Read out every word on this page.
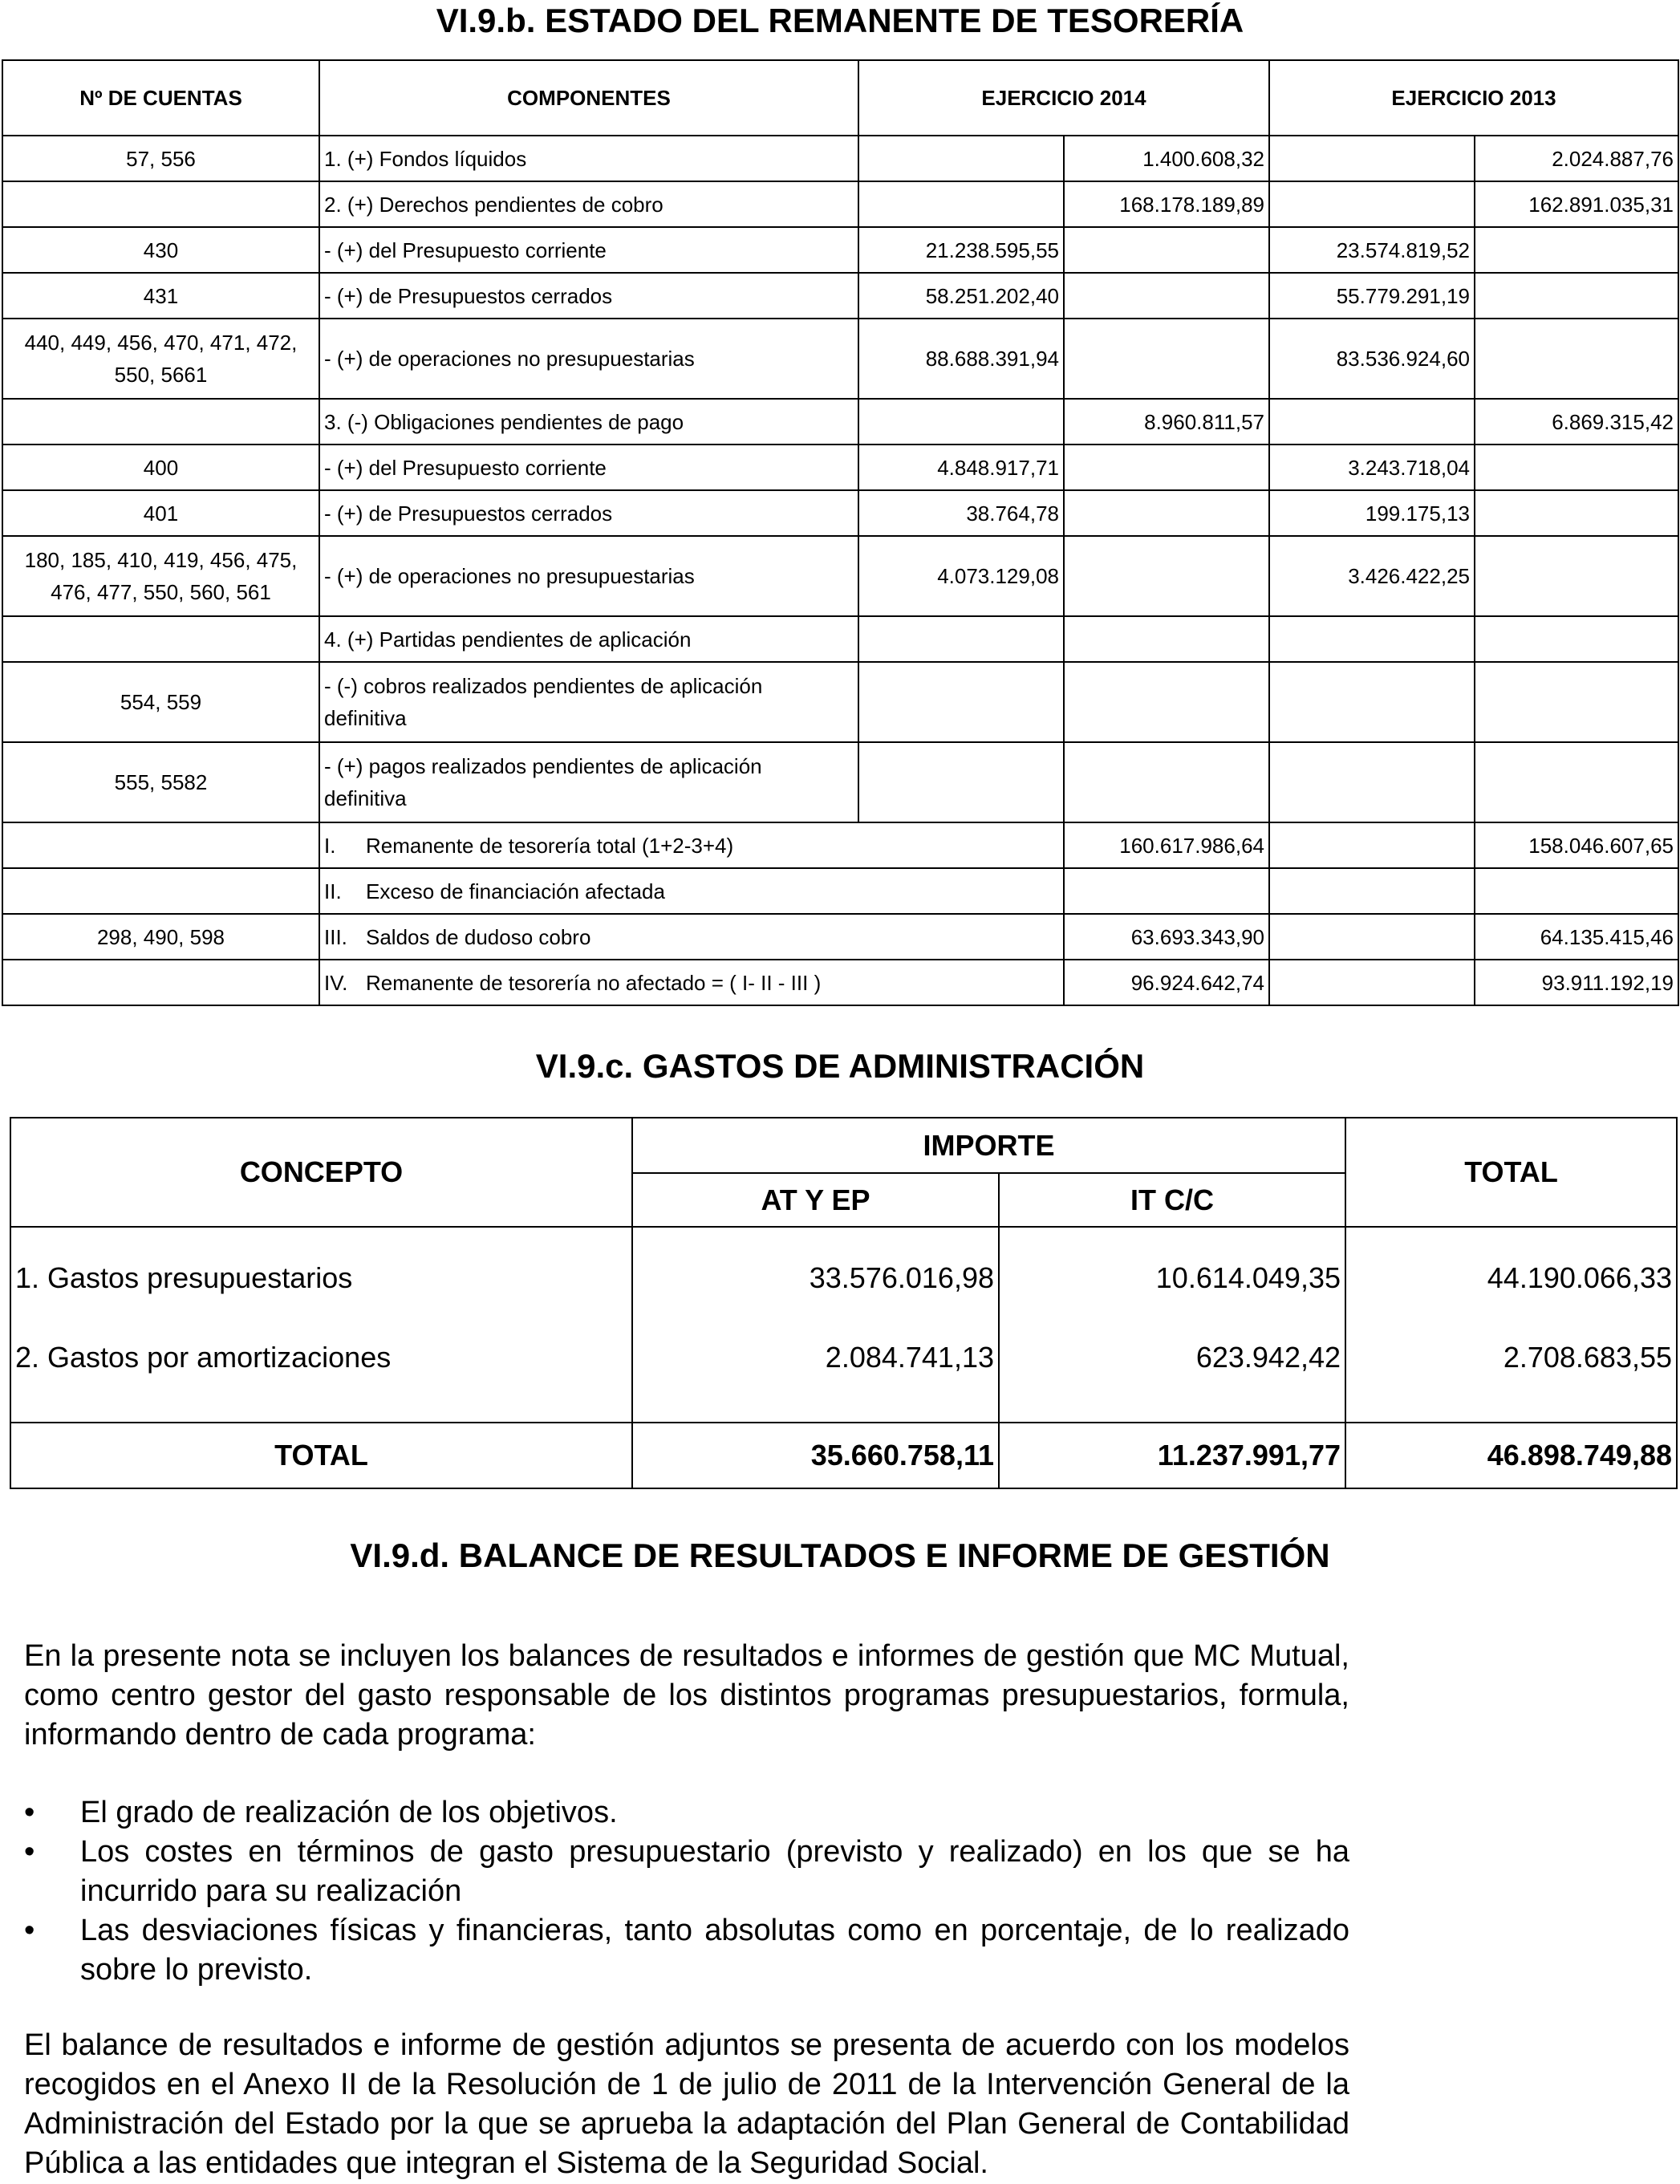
VI.9.b. ESTADO DEL REMANENTE DE TESORERÍA
Nº DE CUENTAS	COMPONENTES	EJERCICIO 2014		EJERCICIO 2013	
57, 556	1. (+) Fondos líquidos		1.400.608,32		2.024.887,76
	2. (+) Derechos pendientes de cobro		168.178.189,89		162.891.035,31
430	- (+) del Presupuesto corriente	21.238.595,55		23.574.819,52	
431	- (+) de Presupuestos cerrados	58.251.202,40		55.779.291,19	
440, 449, 456, 470, 471, 472,
550, 5661	- (+) de operaciones no presupuestarias	88.688.391,94		83.536.924,60	
	3. (-) Obligaciones pendientes de pago		8.960.811,57		6.869.315,42
400	- (+) del Presupuesto corriente	4.848.917,71		3.243.718,04	
401	- (+) de Presupuestos cerrados	38.764,78		199.175,13	
180, 185, 410, 419, 456, 475,
476, 477, 550, 560, 561	- (+) de operaciones no presupuestarias	4.073.129,08		3.426.422,25	
	4. (+) Partidas pendientes de aplicación				
554, 559	- (-) cobros realizados pendientes de aplicación
definitiva				
555, 5582	- (+) pagos realizados pendientes de aplicación
definitiva				
	I. Remanente de tesorería total (1+2-3+4)		160.617.986,64		158.046.607,65
	II. Exceso de financiación afectada				
298, 490, 598	III. Saldos de dudoso cobro		63.693.343,90		64.135.415,46
	IV. Remanente de tesorería no afectado = ( I- II - III )		96.924.642,74		93.911.192,19
VI.9.c. GASTOS DE ADMINISTRACIÓN
CONCEPTO	IMPORTE		TOTAL
	AT Y EP	IT C/C	
1. Gastos presupuestarios	33.576.016,98	10.614.049,35	44.190.066,33
2. Gastos por amortizaciones	2.084.741,13	623.942,42	2.708.683,55
TOTAL	35.660.758,11	11.237.991,77	46.898.749,88
VI.9.d. BALANCE DE RESULTADOS E INFORME DE GESTIÓN

En la presente nota se incluyen los balances de resultados e informes de gestión que MC Mutual, como centro gestor del gasto responsable de los distintos programas presupuestarios, formula, informando dentro de cada programa:

• El grado de realización de los objetivos.
• Los costes en términos de gasto presupuestario (previsto y realizado) en los que se ha incurrido para su realización
• Las desviaciones físicas y financieras, tanto absolutas como en porcentaje, de lo realizado sobre lo previsto.

El balance de resultados e informe de gestión adjuntos se presenta de acuerdo con los modelos recogidos en el Anexo II de la Resolución de 1 de julio de 2011 de la Intervención General de la Administración del Estado por la que se aprueba la adaptación del Plan General de Contabilidad Pública a las entidades que integran el Sistema de la Seguridad Social.
